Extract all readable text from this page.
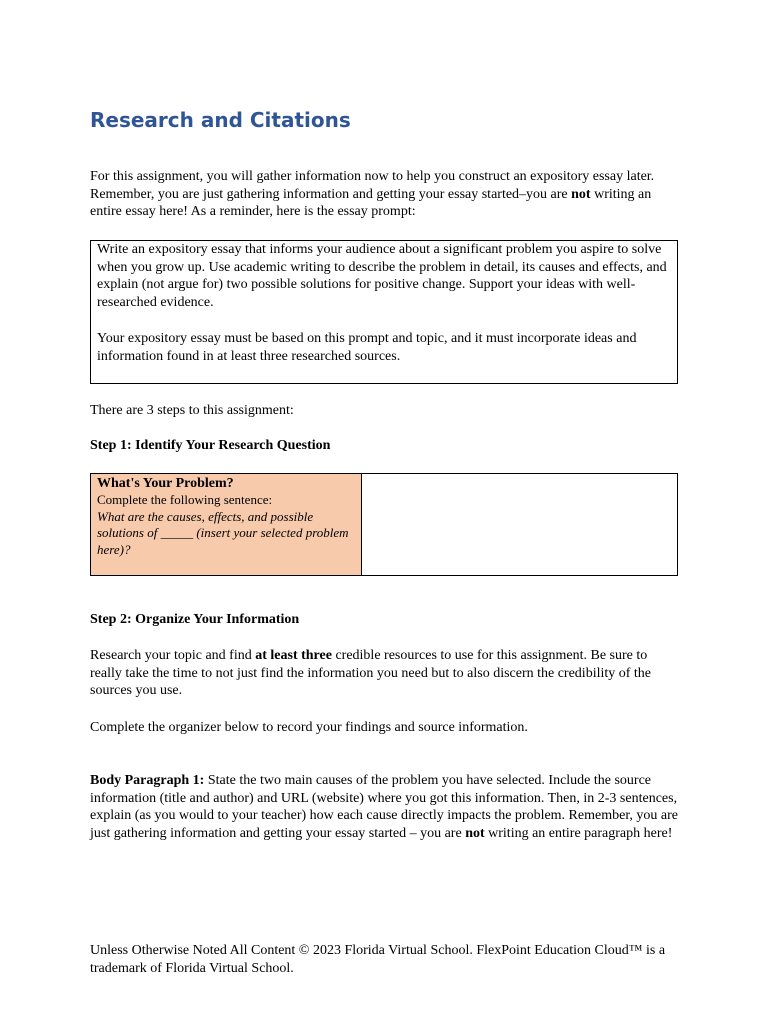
Research and Citations

For this assignment, you will gather information now to help you construct an expository essay later. Remember, you are just gathering information and getting your essay started–you are not writing an entire essay here! As a reminder, here is the essay prompt:

Write an expository essay that informs your audience about a significant problem you aspire to solve when you grow up. Use academic writing to describe the problem in detail, its causes and effects, and explain (not argue for) two possible solutions for positive change. Support your ideas with well-researched evidence.

Your expository essay must be based on this prompt and topic, and it must incorporate ideas and information found in at least three researched sources.

There are 3 steps to this assignment:

Step 1: Identify Your Research Question

What's Your Problem?
Complete the following sentence:
What are the causes, effects, and possible solutions of _____ (insert your selected problem here)?

Step 2: Organize Your Information

Research your topic and find at least three credible resources to use for this assignment. Be sure to really take the time to not just find the information you need but to also discern the credibility of the sources you use.

Complete the organizer below to record your findings and source information.

Body Paragraph 1: State the two main causes of the problem you have selected. Include the source information (title and author) and URL (website) where you got this information. Then, in 2-3 sentences, explain (as you would to your teacher) how each cause directly impacts the problem. Remember, you are just gathering information and getting your essay started – you are not writing an entire paragraph here!

Unless Otherwise Noted All Content © 2023 Florida Virtual School. FlexPoint Education Cloud™ is a trademark of Florida Virtual School.
